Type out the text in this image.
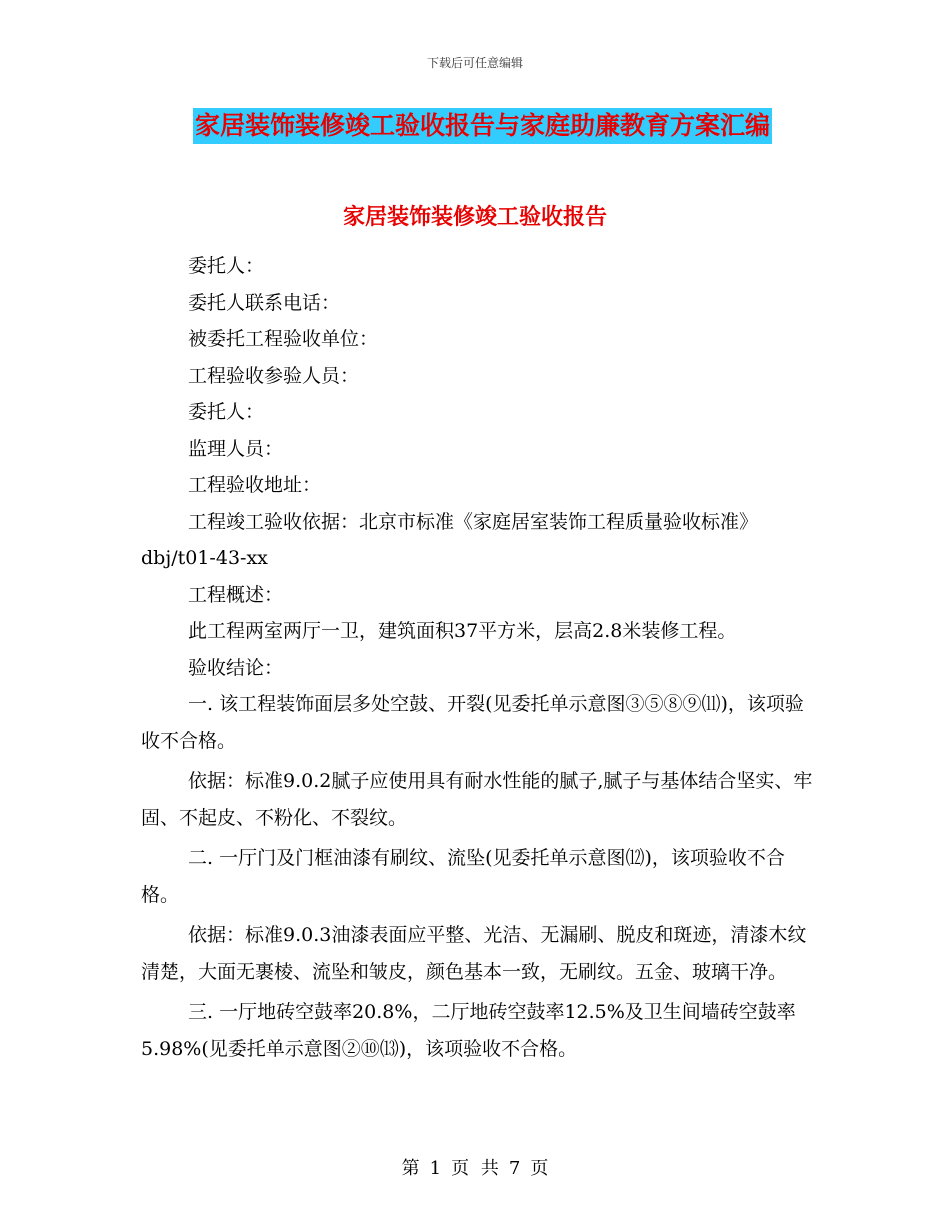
下载后可任意编辑
家居装饰装修竣工验收报告与家庭助廉教育方案汇编
家居装饰装修竣工验收报告

委托人：

委托人联系电话：

被委托工程验收单位：

工程验收参验人员：

委托人：

监理人员：

工程验收地址：

工程竣工验收依据：北京市标准《家庭居室装饰工程质量验收标准》dbj/t01-43-xx

工程概述：

此工程两室两厅一卫，建筑面积37平方米，层高2.8米装修工程。

验收结论：

一. 该工程装饰面层多处空鼓、开裂(见委托单示意图③⑤⑧⑨⑾)，该项验收不合格。

依据：标准9.0.2腻子应使用具有耐水性能的腻子,腻子与基体结合坚实、牢固、不起皮、不粉化、不裂纹。

二. 一厅门及门框油漆有刷纹、流坠(见委托单示意图⑿)，该项验收不合格。

依据：标准9.0.3油漆表面应平整、光洁、无漏刷、脱皮和斑迹，清漆木纹清楚，大面无裹棱、流坠和皱皮，颜色基本一致，无刷纹。五金、玻璃干净。

三. 一厅地砖空鼓率20.8%，二厅地砖空鼓率12.5%及卫生间墙砖空鼓率5.98%(见委托单示意图②⑩⒀)，该项验收不合格。

第 1 页 共 7 页
